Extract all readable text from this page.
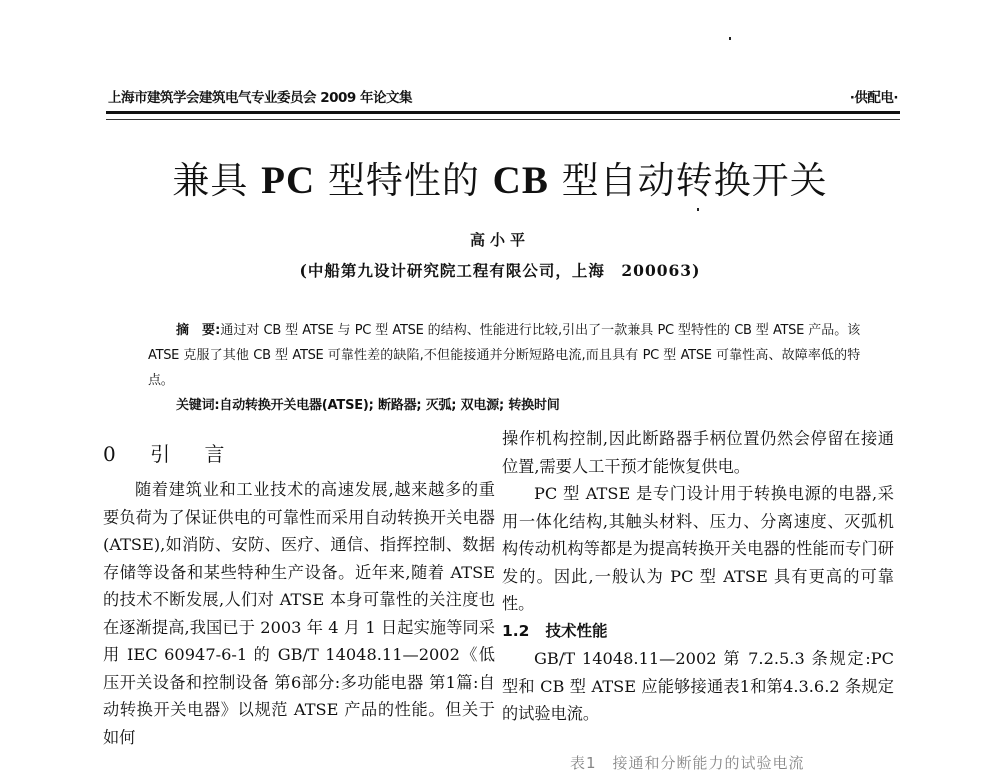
上海市建筑学会建筑电气专业委员会 2009 年论文集	·供配电·
兼具 PC 型特性的 CB 型自动转换开关
高小平
(中船第九设计研究院工程有限公司，上海　200063)
摘　要:通过对 CB 型 ATSE 与 PC 型 ATSE 的结构、性能进行比较,引出了一款兼具 PC 型特性的 CB 型 ATSE 产品。该 ATSE 克服了其他 CB 型 ATSE 可靠性差的缺陷,不但能接通并分断短路电流,而且具有 PC 型 ATSE 可靠性高、故障率低的特点。
关键词:自动转换开关电器(ATSE); 断路器; 灭弧; 双电源; 转换时间
0 引 言

随着建筑业和工业技术的高速发展,越来越多的重要负荷为了保证供电的可靠性而采用自动转换开关电器(ATSE),如消防、安防、医疗、通信、指挥控制、数据存储等设备和某些特种生产设备。近年来,随着 ATSE 的技术不断发展,人们对 ATSE 本身可靠性的关注度也在逐渐提高,我国已于 2003 年 4 月 1 日起实施等同采用 IEC 60947-6-1 的 GB/T 14048.11—2002《低压开关设备和控制设备 第6部分:多功能电器 第1篇:自动转换开关电器》以规范 ATSE 产品的性能。但关于如何

操作机构控制,因此断路器手柄位置仍然会停留在接通位置,需要人工干预才能恢复供电。

PC 型 ATSE 是专门设计用于转换电源的电器,采用一体化结构,其触头材料、压力、分离速度、灭弧机构传动机构等都是为提高转换开关电器的性能而专门研发的。因此,一般认为 PC 型 ATSE 具有更高的可靠性。

1.2 技术性能

GB/T 14048.11—2002 第 7.2.5.3 条规定:PC 型和 CB 型 ATSE 应能够接通表1和第4.3.6.2 条规定的试验电流。

表1　接通和分断能力的试验电流
